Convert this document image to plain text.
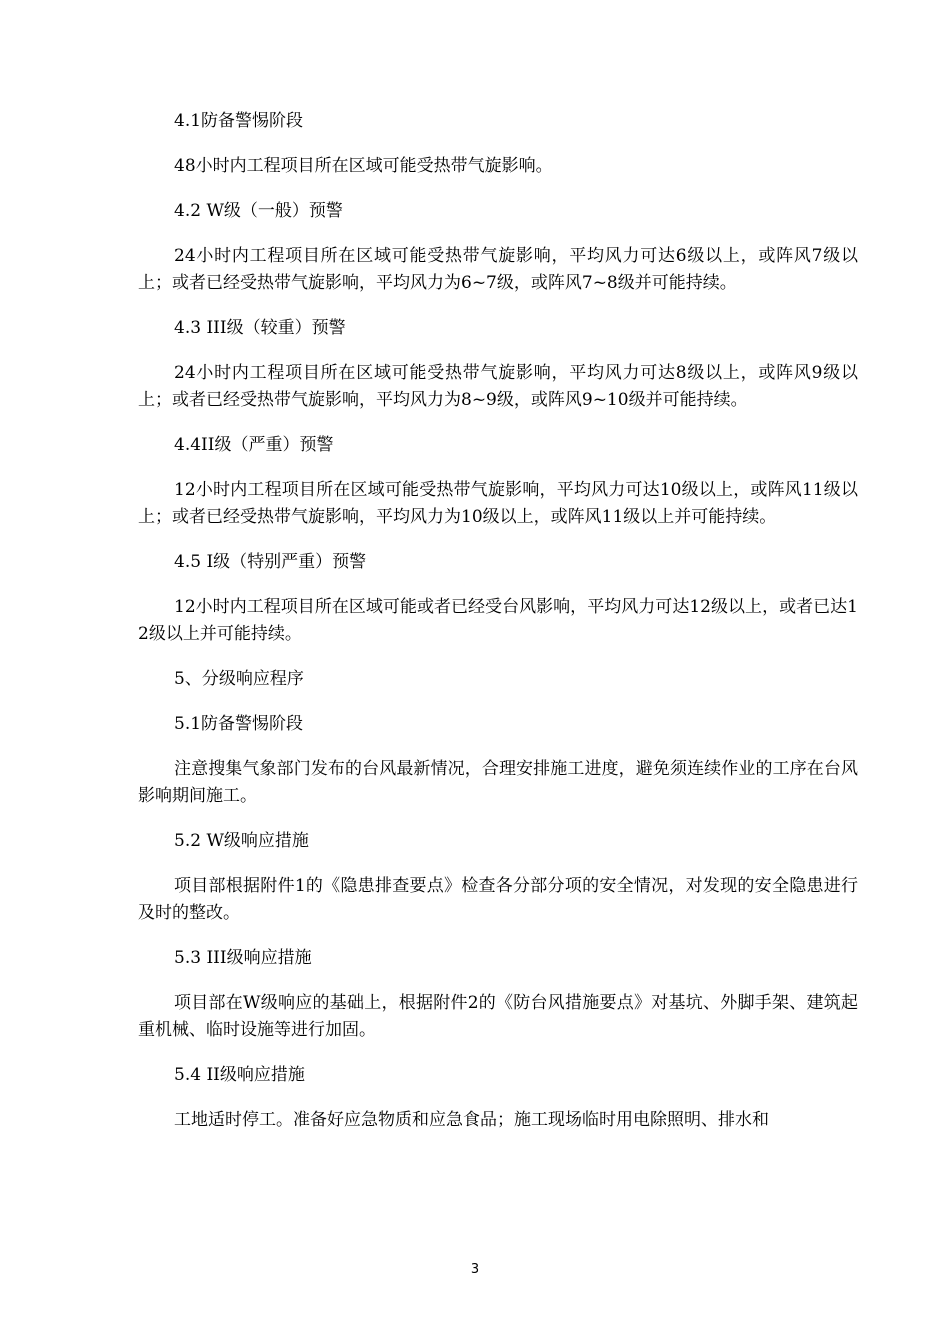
4.1防备警惕阶段

48小时内工程项目所在区域可能受热带气旋影响。

4.2 W级（一般）预警

24小时内工程项目所在区域可能受热带气旋影响，平均风力可达6级以上，或阵风7级以上；或者已经受热带气旋影响，平均风力为6~7级，或阵风7~8级并可能持续。

4.3 III级（较重）预警

24小时内工程项目所在区域可能受热带气旋影响，平均风力可达8级以上，或阵风9级以上；或者已经受热带气旋影响，平均风力为8~9级，或阵风9~10级并可能持续。

4.4II级（严重）预警

12小时内工程项目所在区域可能受热带气旋影响，平均风力可达10级以上，或阵风11级以上；或者已经受热带气旋影响，平均风力为10级以上，或阵风11级以上并可能持续。

4.5 I级（特别严重）预警

12小时内工程项目所在区域可能或者已经受台风影响，平均风力可达12级以上，或者已达12级以上并可能持续。

5、分级响应程序

5.1防备警惕阶段

注意搜集气象部门发布的台风最新情况，合理安排施工进度，避免须连续作业的工序在台风影响期间施工。

5.2 W级响应措施

项目部根据附件1的《隐患排查要点》检查各分部分项的安全情况，对发现的安全隐患进行及时的整改。

5.3 III级响应措施

项目部在W级响应的基础上，根据附件2的《防台风措施要点》对基坑、外脚手架、建筑起重机械、临时设施等进行加固。

5.4 II级响应措施

工地适时停工。准备好应急物质和应急食品；施工现场临时用电除照明、排水和

3
